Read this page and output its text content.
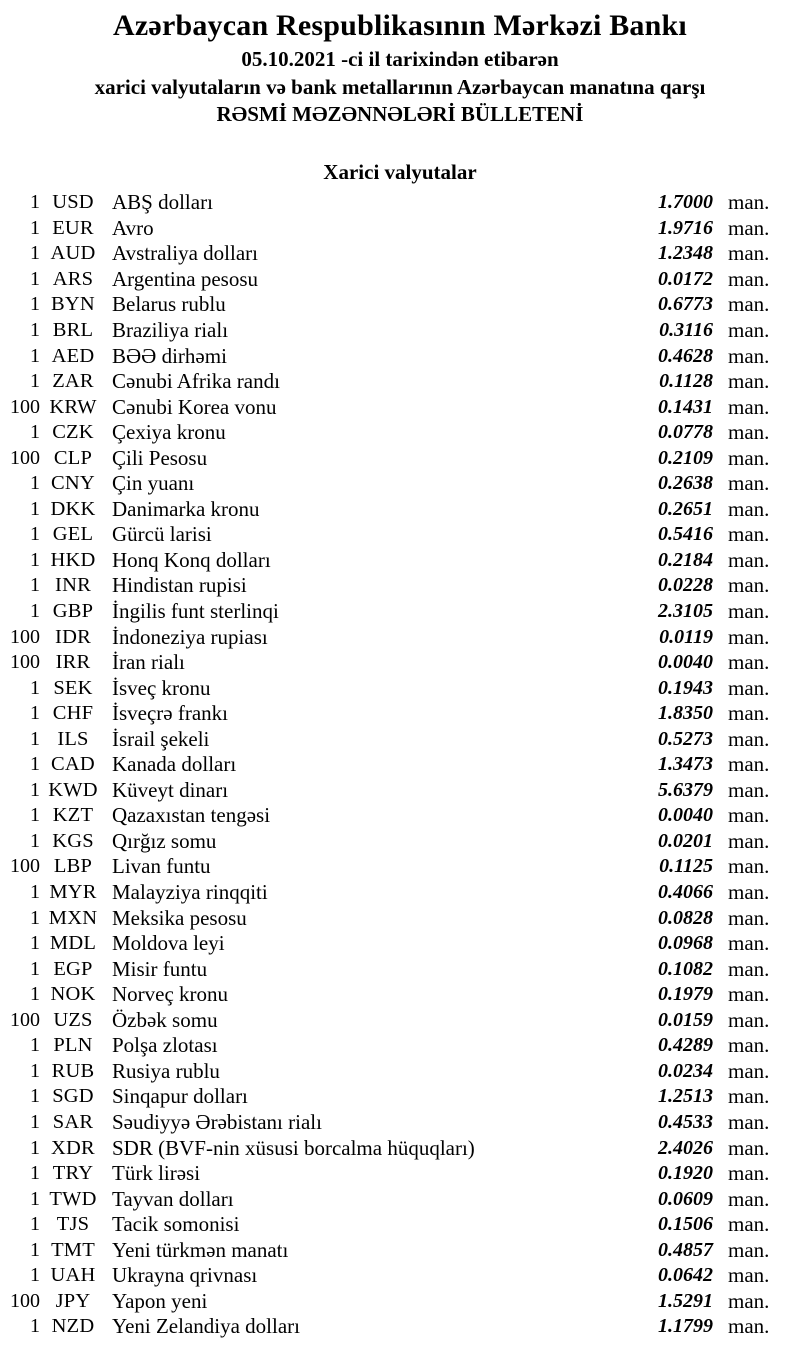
Azərbaycan Respublikasının Mərkəzi Bankı
05.10.2021 -ci il tarixindən etibarən
xarici valyutaların və bank metallarının Azərbaycan manatına qarşı
RƏSMİ MƏZƏNNƏLƏRİ BÜLLETENİ
Xarici valyutalar
1 USD ABŞ dolları	1.7000 man.
1 EUR Avro	1.9716 man.
1 AUD Avstraliya dolları	1.2348 man.
1 ARS Argentina pesosu	0.0172 man.
1 BYN Belarus rublu	0.6773 man.
1 BRL Braziliya rialı	0.3116 man.
1 AED BƏƏ dirhəmi	0.4628 man.
1 ZAR Cənubi Afrika randı	0.1128 man.
100 KRW Cənubi Korea vonu	0.1431 man.
1 CZK Çexiya kronu	0.0778 man.
100 CLP Çili Pesosu	0.2109 man.
1 CNY Çin yuanı	0.2638 man.
1 DKK Danimarka kronu	0.2651 man.
1 GEL Gürcü larisi	0.5416 man.
1 HKD Honq Konq dolları	0.2184 man.
1 INR	Hindistan rupisi	0.0228 man.
1 GBP İngilis funt sterlinqi	2.3105 man.
100 IDR	İndoneziya rupiası	0.0119 man.
100 IRR	İran rialı	0.0040 man.
1 SEK İsveç kronu	0.1943 man.
1 CHF İsveçrə frankı	1.8350 man.
1 ILS	İsrail şekeli	0.5273 man.
1 CAD Kanada dolları	1.3473 man.
1 KWD Küveyt dinarı	5.6379 man.
1 KZT Qazaxıstan tengəsi	0.0040 man.
1 KGS Qırğız somu	0.0201 man.
100 LBP Livan funtu	0.1125 man.
1 MYR Malayziya rinqqiti	0.4066 man.
1 MXN Meksika pesosu	0.0828 man.
1 MDL Moldova leyi	0.0968 man.
1 EGP Misir funtu	0.1082 man.
1 NOK Norveç kronu	0.1979 man.
100 UZS Özbək somu	0.0159 man.
1 PLN Polşa zlotası	0.4289 man.
1 RUB Rusiya rublu	0.0234 man.
1 SGD Sinqapur dolları	1.2513 man.
1 SAR Səudiyyə Ərəbistanı rialı	0.4533 man.
1 XDR SDR (BVF-nin xüsusi borcalma hüquqları)	2.4026 man.
1 TRY Türk lirəsi	0.1920 man.
1 TWD Tayvan dolları	0.0609 man.
1 TJS	Tacik somonisi	0.1506 man.
1 TMT Yeni türkmən manatı	0.4857 man.
1 UAH Ukrayna qrivnası	0.0642 man.
100 JPY	Yapon yeni	1.5291 man.
1 NZD Yeni Zelandiya dolları	1.1799 man.
